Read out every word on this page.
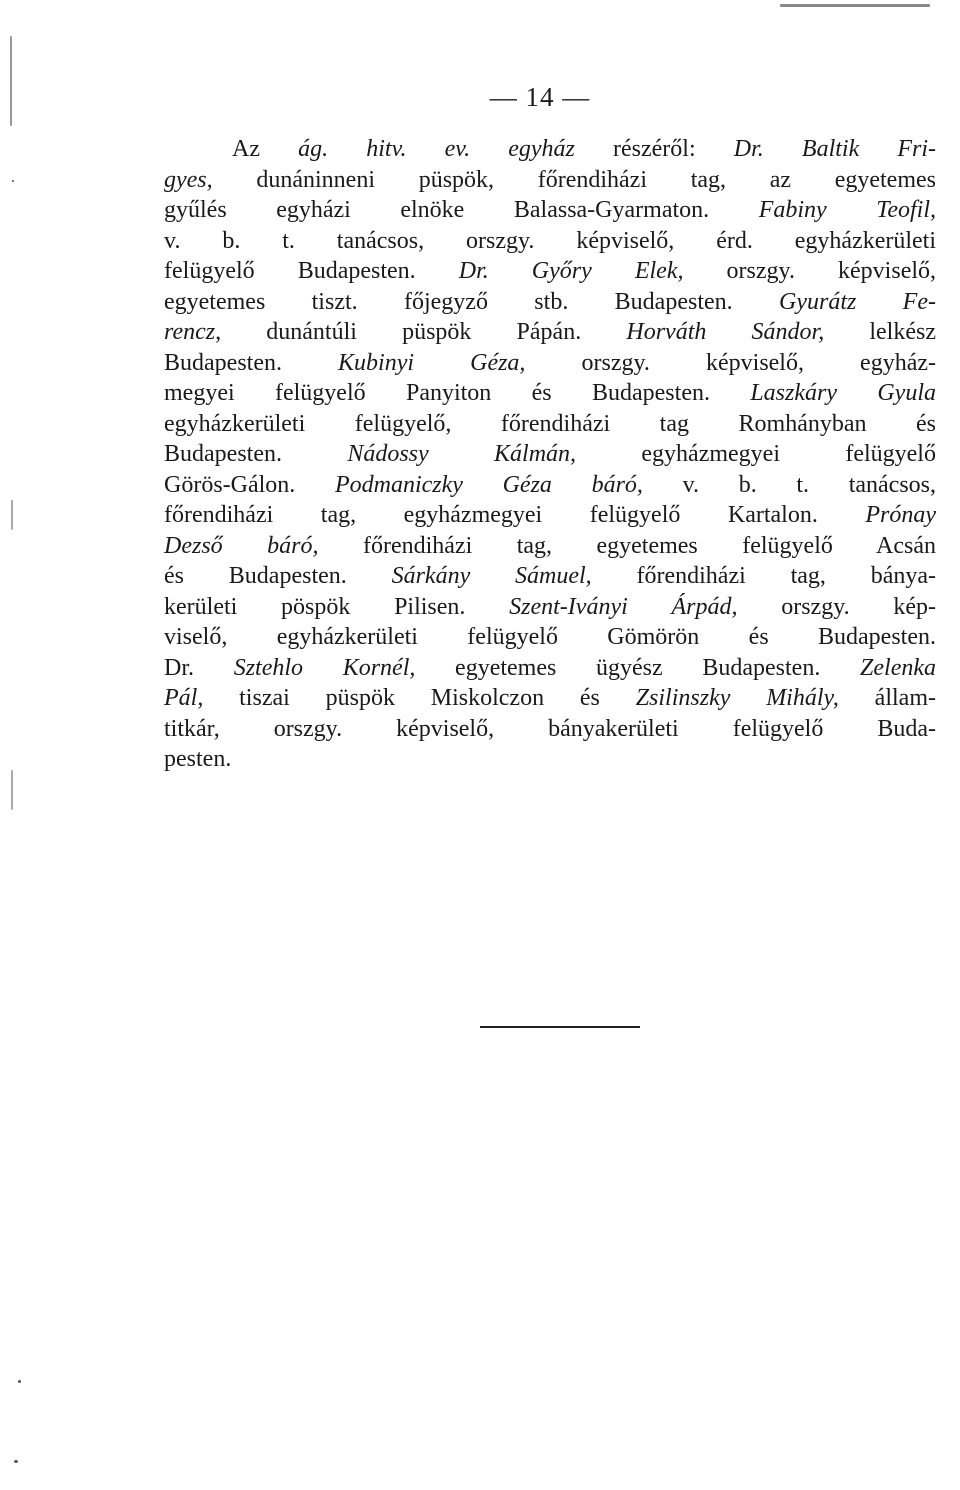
— 14 —
Az ág. hitv. ev. egyház részéről: Dr. Baltik Fri-
gyes, dunáninneni püspök, főrendiházi tag, az egyetemes
gyűlés egyházi elnöke Balassa-Gyarmaton. Fabiny Teofil,
v. b. t. tanácsos, orszgy. képviselő, érd. egyházkerületi
felügyelő Budapesten. Dr. Győry Elek, orszgy. képviselő,
egyetemes tiszt. főjegyző stb. Budapesten. Gyurátz Fe-
rencz, dunántúli püspök Pápán. Horváth Sándor, lelkész
Budapesten. Kubinyi Géza, orszgy. képviselő, egyház-
megyei felügyelő Panyiton és Budapesten. Laszkáry Gyula
egyházkerületi felügyelő, főrendiházi tag Romhányban és
Budapesten. Nádossy Kálmán, egyházmegyei felügyelő
Görös-Gálon. Podmaniczky Géza báró, v. b. t. tanácsos,
főrendiházi tag, egyházmegyei felügyelő Kartalon. Prónay
Dezső báró, főrendiházi tag, egyetemes felügyelő Acsán
és Budapesten. Sárkány Sámuel, főrendiházi tag, bánya-
kerületi pöspök Pilisen. Szent-Iványi Árpád, orszgy. kép-
viselő, egyházkerületi felügyelő Gömörön és Budapesten.
Dr. Sztehlo Kornél, egyetemes ügyész Budapesten. Zelenka
Pál, tiszai püspök Miskolczon és Zsilinszky Mihály, állam-
titkár, orszgy. képviselő, bányakerületi felügyelő Buda-
pesten.
